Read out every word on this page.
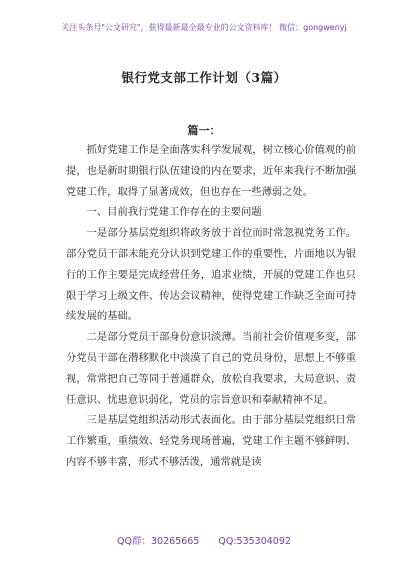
关注头条号"公文研究"，获得最新最全最专业的公文资料库！ 微信：gongwenyj
银行党支部工作计划（3篇）
篇一：

抓好党建工作是全面落实科学发展观，树立核心价值观的前提，也是新时期银行队伍建设的内在要求，近年来我行不断加强党建工作，取得了显著成效，但也存在一些薄弱之处。

一、目前我行党建工作存在的主要问题

一是部分基层党组织将政务放于首位而时常忽视党务工作。部分党员干部未能充分认识到党建工作的重要性，片面地以为银行的工作主要是完成经营任务，追求业绩，开展的党建工作也只限于学习上级文件、传达会议精神，使得党建工作缺乏全面可持续发展的基础。

二是部分党员干部身份意识淡薄。当前社会价值观多变，部分党员干部在潜移默化中淡漠了自己的党员身份，思想上不够重视，常常把自己等同于普通群众，放松自我要求，大局意识、责任意识、忧患意识弱化，党员的宗旨意识和奉献精神不足。

三是基层党组织活动形式表面化。由于部分基层党组织日常工作繁重，重绩效、轻党务现场普遍，党建工作主题不够鲜明、内容不够丰富，形式不够活泼，通常就是读

QQ群：30265665 QQ:535304092
